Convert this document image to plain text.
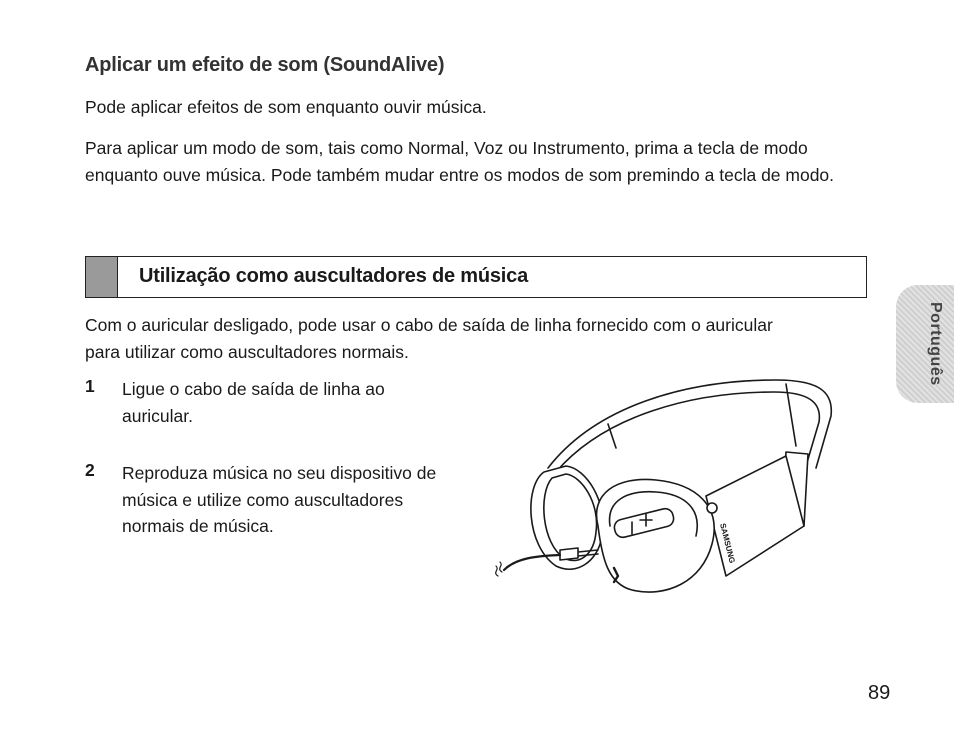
Aplicar um efeito de som (SoundAlive)
Pode aplicar efeitos de som enquanto ouvir música.
Para aplicar um modo de som, tais como Normal, Voz ou Instrumento, prima a tecla de modo enquanto ouve música. Pode também mudar entre os modos de som premindo a tecla de modo.
Utilização como auscultadores de música
Com o auricular desligado, pode usar o cabo de saída de linha fornecido com o auricular para utilizar como auscultadores normais.
1 Ligue o cabo de saída de linha ao auricular.
2 Reproduza música no seu dispositivo de música e utilize como auscultadores normais de música.	SAMSUNG
Português
89
